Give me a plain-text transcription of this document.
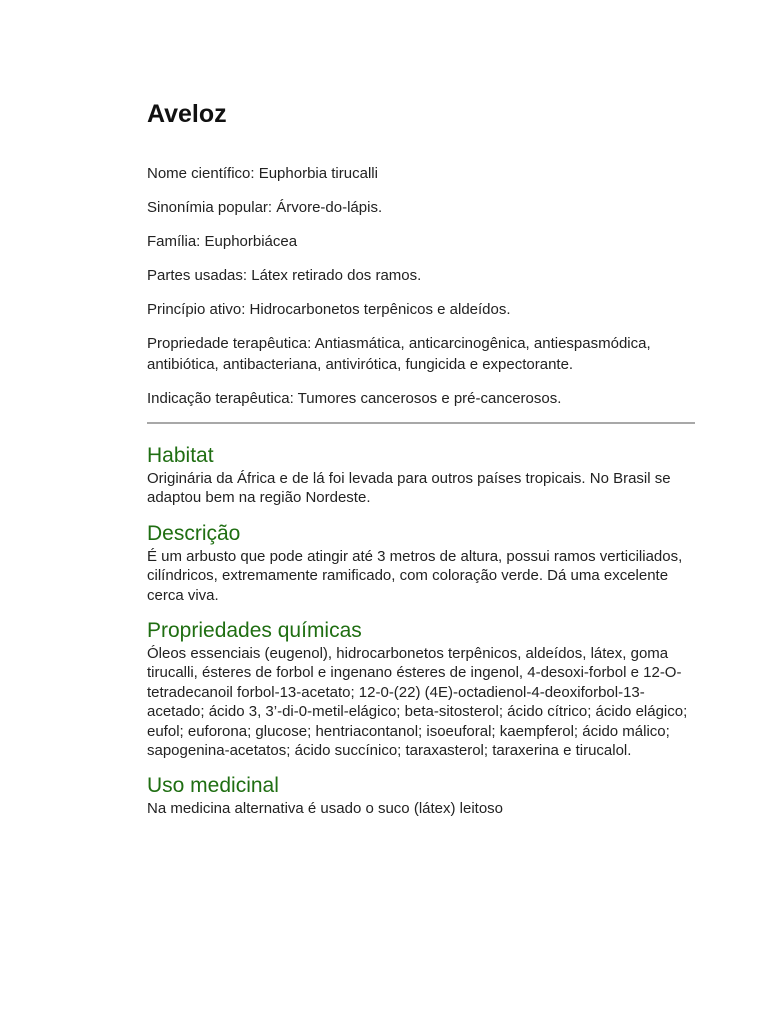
Aveloz

Nome científico: Euphorbia tirucalli

Sinonímia popular: Árvore-do-lápis.

Família: Euphorbiácea

Partes usadas: Látex retirado dos ramos.

Princípio ativo: Hidrocarbonetos terpênicos e aldeídos.

Propriedade terapêutica: Antiasmática, anticarcinogênica, antiespasmódica, antibiótica, antibacteriana, antivirótica, fungicida e expectorante.

Indicação terapêutica: Tumores cancerosos e pré-cancerosos.

Habitat

Originária da África e de lá foi levada para outros países tropicais. No Brasil se adaptou bem na região Nordeste.

Descrição

É um arbusto que pode atingir até 3 metros de altura, possui ramos verticiliados, cilíndricos, extremamente ramificado, com coloração verde. Dá uma excelente cerca viva.

Propriedades químicas

Óleos essenciais (eugenol), hidrocarbonetos terpênicos, aldeídos, látex, goma tirucalli, ésteres de forbol e ingenano ésteres de ingenol, 4-desoxi-forbol e 12-O-tetradecanoil forbol-13-acetato; 12-0-(22) (4E)-octadienol-4-deoxiforbol-13-acetado; ácido 3, 3’-di-0-metil-elágico; beta-sitosterol; ácido cítrico; ácido elágico; eufol; euforona; glucose; hentriacontanol; isoeuforal; kaempferol; ácido málico; sapogenina-acetatos; ácido succínico; taraxasterol; taraxerina e tirucalol.

Uso medicinal

Na medicina alternativa é usado o suco (látex) leitoso
